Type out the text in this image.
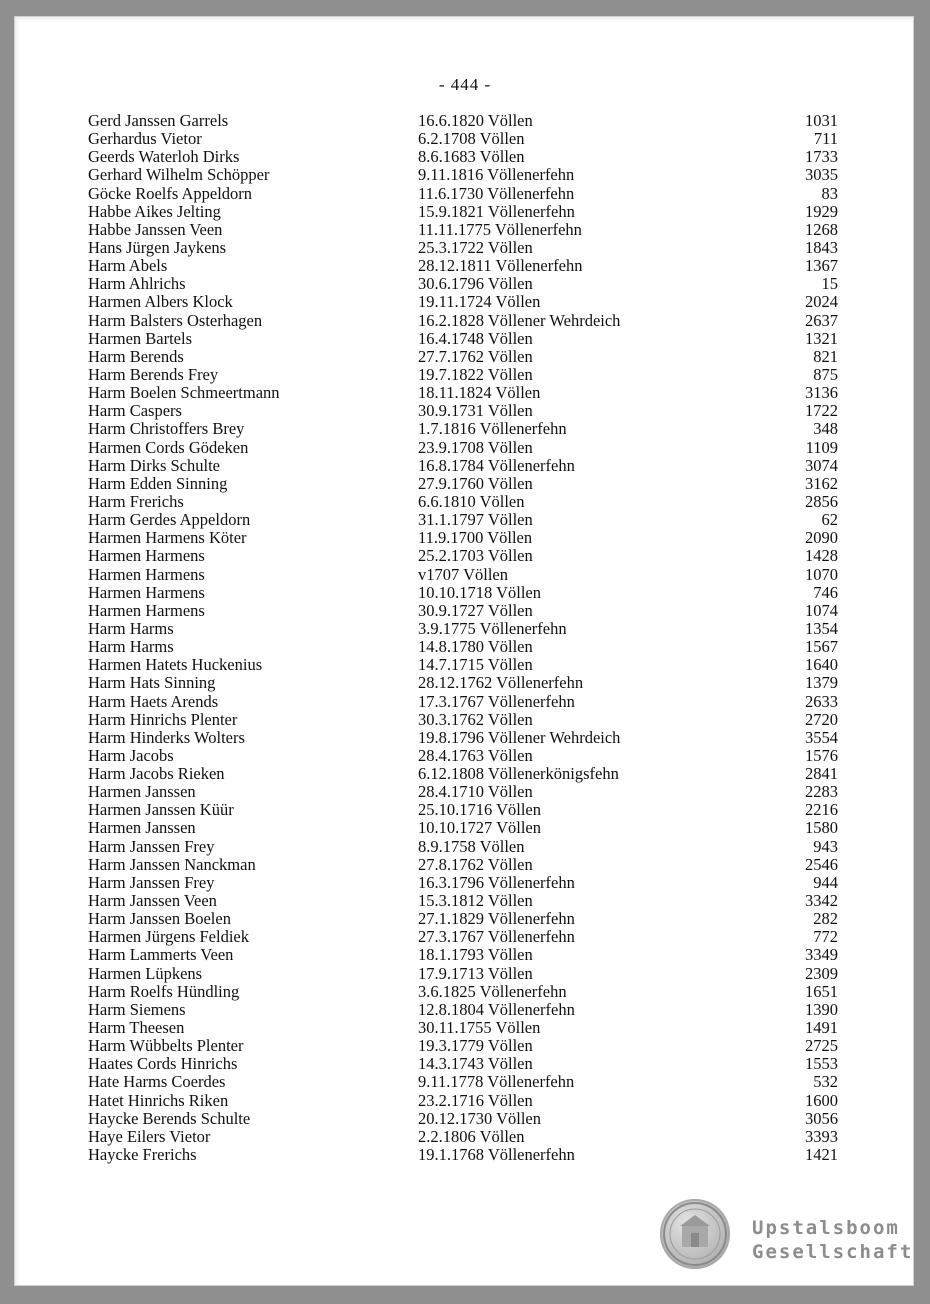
- 444 -
Gerd Janssen Garrels	16.6.1820 Völlen	1031
Gerhardus Vietor	6.2.1708 Völlen	711
Geerds Waterloh Dirks	8.6.1683 Völlen	1733
Gerhard Wilhelm Schöpper	9.11.1816 Völlenerfehn	3035
Göcke Roelfs Appeldorn	11.6.1730 Völlenerfehn	83
Habbe Aikes Jelting	15.9.1821 Völlenerfehn	1929
Habbe Janssen Veen	11.11.1775 Völlenerfehn	1268
Hans Jürgen Jaykens	25.3.1722 Völlen	1843
Harm Abels	28.12.1811 Völlenerfehn	1367
Harm Ahlrichs	30.6.1796 Völlen	15
Harmen Albers Klock	19.11.1724 Völlen	2024
Harm Balsters Osterhagen	16.2.1828 Völlener Wehrdeich	2637
Harmen Bartels	16.4.1748 Völlen	1321
Harm Berends	27.7.1762 Völlen	821
Harm Berends Frey	19.7.1822 Völlen	875
Harm Boelen Schmeertmann	18.11.1824 Völlen	3136
Harm Caspers	30.9.1731 Völlen	1722
Harm Christoffers Brey	1.7.1816 Völlenerfehn	348
Harmen Cords Gödeken	23.9.1708 Völlen	1109
Harm Dirks Schulte	16.8.1784 Völlenerfehn	3074
Harm Edden Sinning	27.9.1760 Völlen	3162
Harm Frerichs	6.6.1810 Völlen	2856
Harm Gerdes Appeldorn	31.1.1797 Völlen	62
Harmen Harmens Köter	11.9.1700 Völlen	2090
Harmen Harmens	25.2.1703 Völlen	1428
Harmen Harmens	v1707 Völlen	1070
Harmen Harmens	10.10.1718 Völlen	746
Harmen Harmens	30.9.1727 Völlen	1074
Harm Harms	3.9.1775 Völlenerfehn	1354
Harm Harms	14.8.1780 Völlen	1567
Harmen Hatets Huckenius	14.7.1715 Völlen	1640
Harm Hats Sinning	28.12.1762 Völlenerfehn	1379
Harm Haets Arends	17.3.1767 Völlenerfehn	2633
Harm Hinrichs Plenter	30.3.1762 Völlen	2720
Harm Hinderks Wolters	19.8.1796 Völlener Wehrdeich	3554
Harm Jacobs	28.4.1763 Völlen	1576
Harm Jacobs Rieken	6.12.1808 Völlenerkönigsfehn	2841
Harmen Janssen	28.4.1710 Völlen	2283
Harmen Janssen Küür	25.10.1716 Völlen	2216
Harmen Janssen	10.10.1727 Völlen	1580
Harm Janssen Frey	8.9.1758 Völlen	943
Harm Janssen Nanckman	27.8.1762 Völlen	2546
Harm Janssen Frey	16.3.1796 Völlenerfehn	944
Harm Janssen Veen	15.3.1812 Völlen	3342
Harm Janssen Boelen	27.1.1829 Völlenerfehn	282
Harmen Jürgens Feldiek	27.3.1767 Völlenerfehn	772
Harm Lammerts Veen	18.1.1793 Völlen	3349
Harmen Lüpkens	17.9.1713 Völlen	2309
Harm Roelfs Hündling	3.6.1825 Völlenerfehn	1651
Harm Siemens	12.8.1804 Völlenerfehn	1390
Harm Theesen	30.11.1755 Völlen	1491
Harm Wübbelts Plenter	19.3.1779 Völlen	2725
Haates Cords Hinrichs	14.3.1743 Völlen	1553
Hate Harms Coerdes	9.11.1778 Völlenerfehn	532
Hatet Hinrichs Riken	23.2.1716 Völlen	1600
Haycke Berends Schulte	20.12.1730 Völlen	3056
Haye Eilers Vietor	2.2.1806 Völlen	3393
Haycke Frerichs	19.1.1768 Völlenerfehn	1421
Upstalsboom
Gesellschaft
